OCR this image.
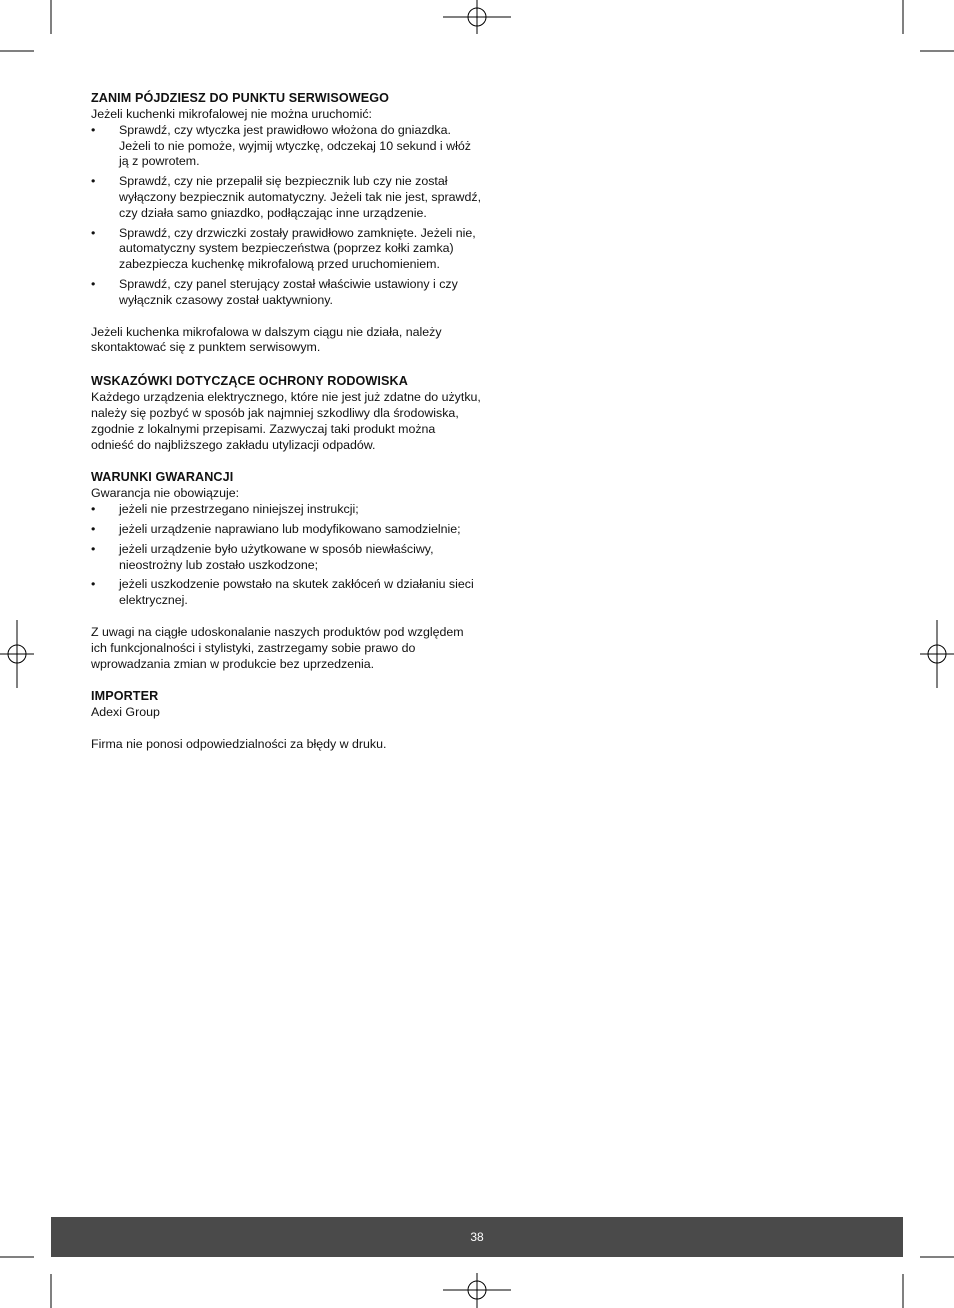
ZANIM PÓJDZIESZ DO PUNKTU SERWISOWEGO

Jeżeli kuchenki mikrofalowej nie można uruchomić:

• Sprawdź, czy wtyczka jest prawidłowo włożona do gniazdka. Jeżeli to nie pomoże, wyjmij wtyczkę, odczekaj 10 sekund i włóż ją z powrotem.
• Sprawdź, czy nie przepalił się bezpiecznik lub czy nie został wyłączony bezpiecznik automatyczny. Jeżeli tak nie jest, sprawdź, czy działa samo gniazdko, podłączając inne urządzenie.
• Sprawdź, czy drzwiczki zostały prawidłowo zamknięte. Jeżeli nie, automatyczny system bezpieczeństwa (poprzez kołki zamka) zabezpiecza kuchenkę mikrofalową przed uruchomieniem.
• Sprawdź, czy panel sterujący został właściwie ustawiony i czy wyłącznik czasowy został uaktywniony.

Jeżeli kuchenka mikrofalowa w dalszym ciągu nie działa, należy skontaktować się z punktem serwisowym.

WSKAZÓWKI DOTYCZĄCE OCHRONY RODOWISKA

Każdego urządzenia elektrycznego, które nie jest już zdatne do użytku, należy się pozbyć w sposób jak najmniej szkodliwy dla środowiska, zgodnie z lokalnymi przepisami. Zazwyczaj taki produkt można odnieść do najbliższego zakładu utylizacji odpadów.

WARUNKI GWARANCJI

Gwarancja nie obowiązuje:

• jeżeli nie przestrzegano niniejszej instrukcji;
• jeżeli urządzenie naprawiano lub modyfikowano samodzielnie;
• jeżeli urządzenie było użytkowane w sposób niewłaściwy, nieostrożny lub zostało uszkodzone;
• jeżeli uszkodzenie powstało na skutek zakłóceń w działaniu sieci elektrycznej.

Z uwagi na ciągłe udoskonalanie naszych produktów pod względem ich funkcjonalności i stylistyki, zastrzegamy sobie prawo do wprowadzania zmian w produkcie bez uprzedzenia.

IMPORTER

Adexi Group

Firma nie ponosi odpowiedzialności za błędy w druku.

38
